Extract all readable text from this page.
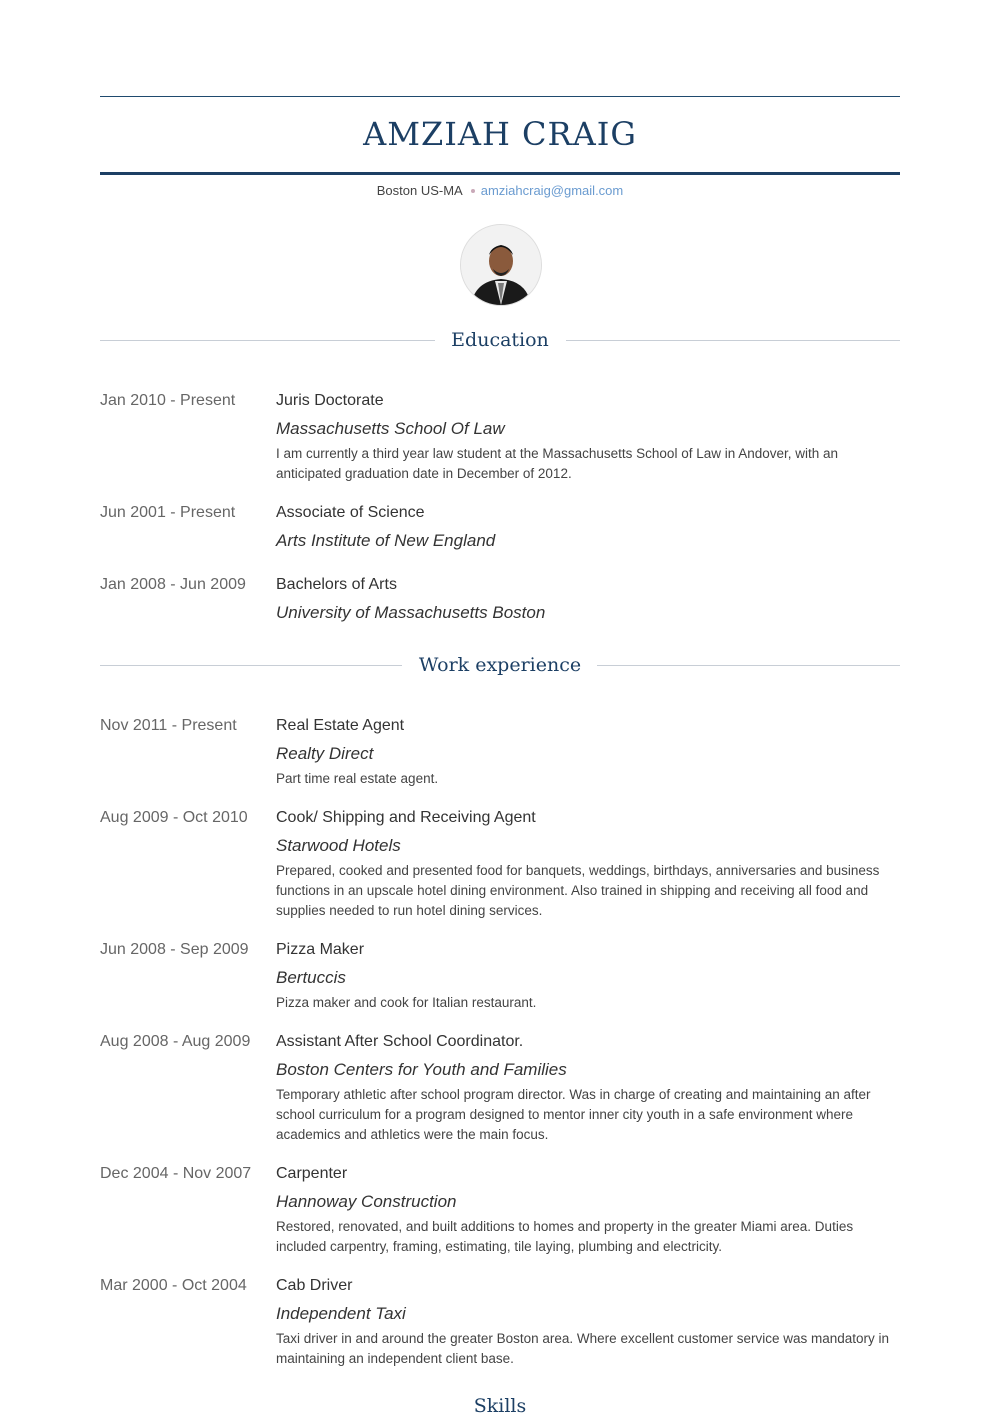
AMZIAH CRAIG
Boston US-MA amziahcraig@gmail.com
Education
Jan 2010 - Present	Juris Doctorate
Massachusetts School Of Law
I am currently a third year law student at the Massachusetts School of Law in Andover, with an anticipated graduation date in December of 2012.
Jun 2001 - Present	Associate of Science
Arts Institute of New England
Jan 2008 - Jun 2009	Bachelors of Arts
University of Massachusetts Boston
Work experience
Nov 2011 - Present	Real Estate Agent
Realty Direct
Part time real estate agent.
Aug 2009 - Oct 2010	Cook/ Shipping and Receiving Agent
Starwood Hotels
Prepared, cooked and presented food for banquets, weddings, birthdays, anniversaries and business functions in an upscale hotel dining environment. Also trained in shipping and receiving all food and supplies needed to run hotel dining services.
Jun 2008 - Sep 2009	Pizza Maker
Bertuccis
Pizza maker and cook for Italian restaurant.
Aug 2008 - Aug 2009	Assistant After School Coordinator.
Boston Centers for Youth and Families
Temporary athletic after school program director. Was in charge of creating and maintaining an after school curriculum for a program designed to mentor inner city youth in a safe environment where academics and athletics were the main focus.
Dec 2004 - Nov 2007	Carpenter
Hannoway Construction
Restored, renovated, and built additions to homes and property in the greater Miami area. Duties included carpentry, framing, estimating, tile laying, plumbing and electricity.
Mar 2000 - Oct 2004	Cab Driver
Independent Taxi
Taxi driver in and around the greater Boston area. Where excellent customer service was mandatory in maintaining an independent client base.
Skills
